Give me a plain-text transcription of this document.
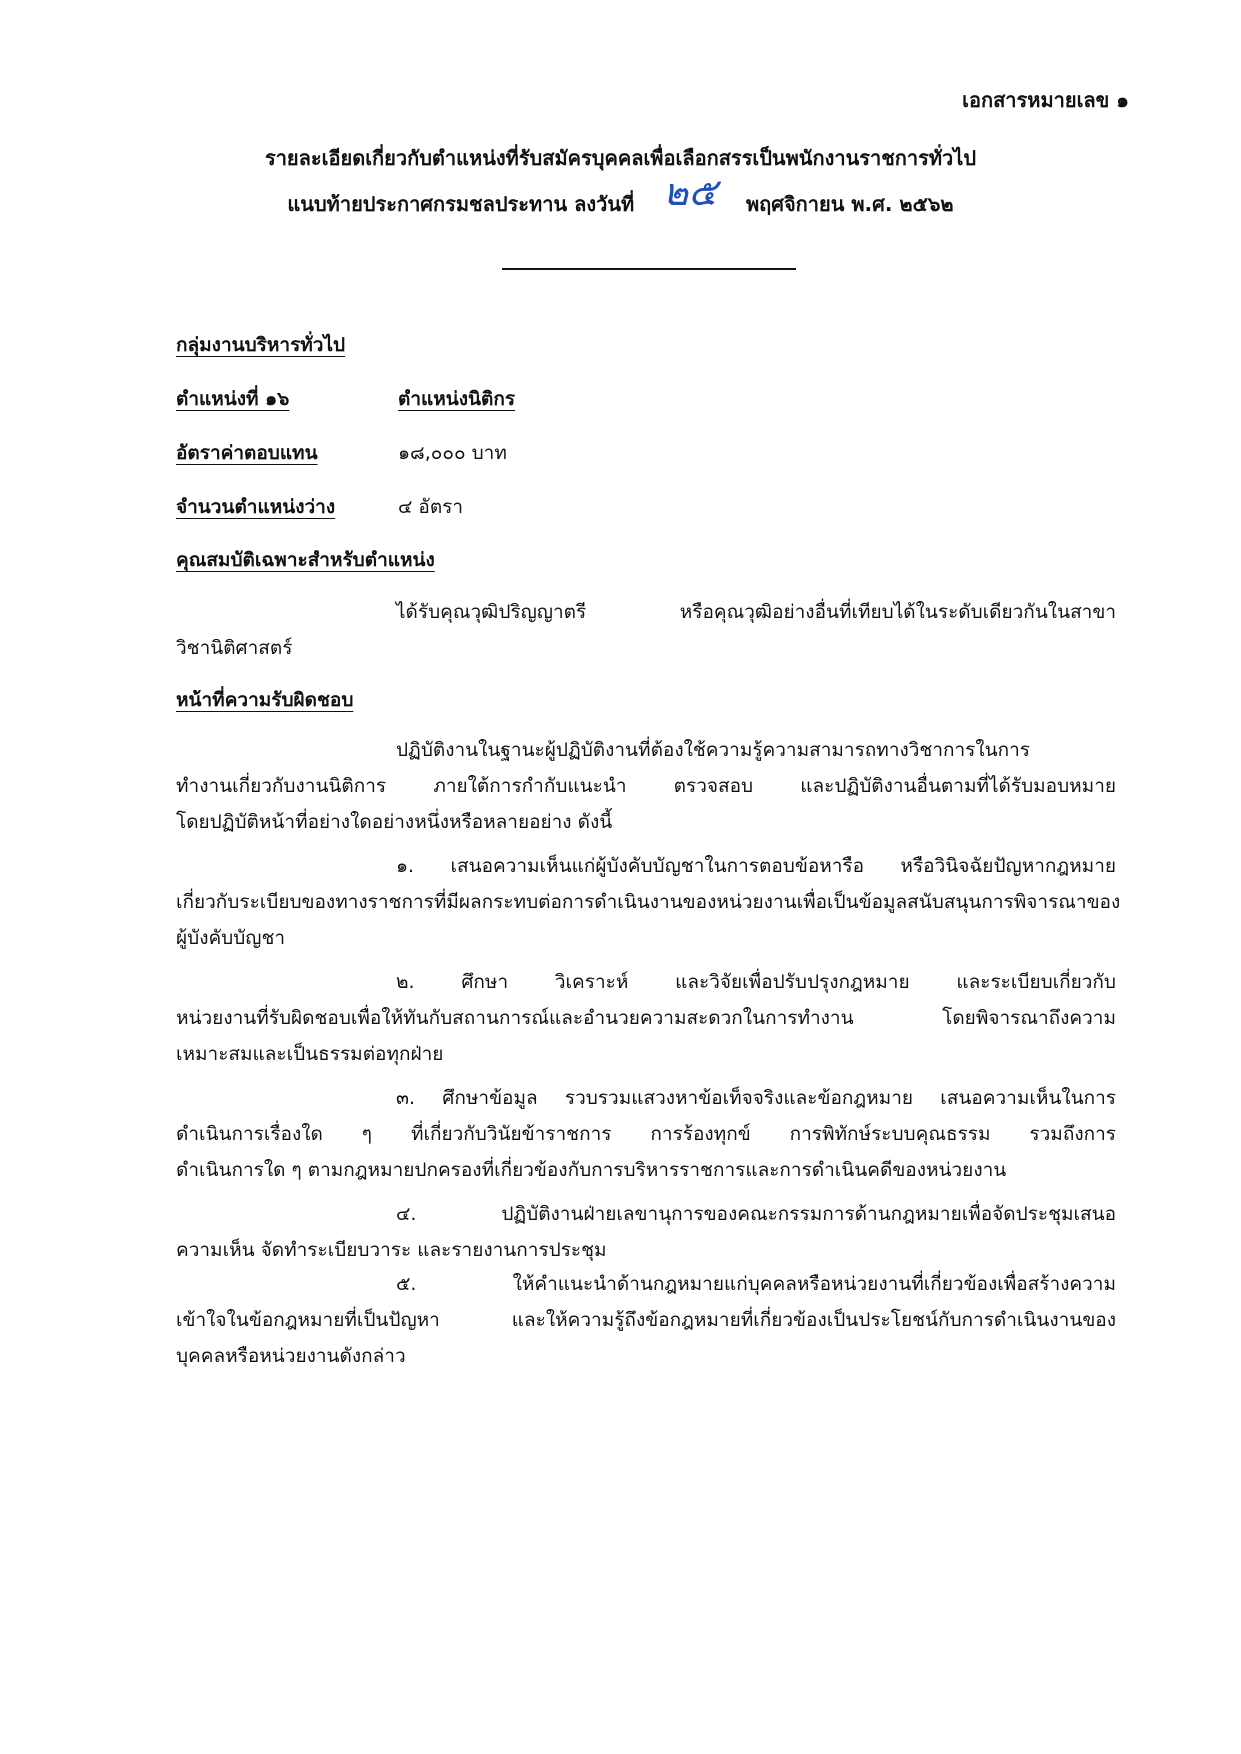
เอกสารหมายเลข ๑
รายละเอียดเกี่ยวกับตำแหน่งที่รับสมัครบุคคลเพื่อเลือกสรรเป็นพนักงานราชการทั่วไป
แนบท้ายประกาศกรมชลประทาน ลงวันที่ ๒๕ พฤศจิกายน พ.ศ. ๒๕๖๒
กลุ่มงานบริหารทั่วไป
ตำแหน่งที่ ๑๖	ตำแหน่งนิติกร
อัตราค่าตอบแทน	๑๘,๐๐๐ บาท
จำนวนตำแหน่งว่าง	๔ อัตรา
คุณสมบัติเฉพาะสำหรับตำแหน่ง
ได้รับคุณวุฒิปริญญาตรี หรือคุณวุฒิอย่างอื่นที่เทียบได้ในระดับเดียวกันในสาขา
วิชานิติศาสตร์
หน้าที่ความรับผิดชอบ
ปฏิบัติงานในฐานะผู้ปฏิบัติงานที่ต้องใช้ความรู้ความสามารถทางวิชาการในการ
ทำงานเกี่ยวกับงานนิติการ ภายใต้การกำกับแนะนำ ตรวจสอบ และปฏิบัติงานอื่นตามที่ได้รับมอบหมาย
โดยปฏิบัติหน้าที่อย่างใดอย่างหนึ่งหรือหลายอย่าง ดังนี้
๑. เสนอความเห็นแก่ผู้บังคับบัญชาในการตอบข้อหารือ หรือวินิจฉัยปัญหากฎหมาย
เกี่ยวกับระเบียบของทางราชการที่มีผลกระทบต่อการดำเนินงานของหน่วยงานเพื่อเป็นข้อมูลสนับสนุนการพิจารณาของ
ผู้บังคับบัญชา
๒. ศึกษา วิเคราะห์ และวิจัยเพื่อปรับปรุงกฎหมาย และระเบียบเกี่ยวกับ
หน่วยงานที่รับผิดชอบเพื่อให้ทันกับสถานการณ์และอำนวยความสะดวกในการทำงาน โดยพิจารณาถึงความ
เหมาะสมและเป็นธรรมต่อทุกฝ่าย
๓. ศึกษาข้อมูล รวบรวมแสวงหาข้อเท็จจริงและข้อกฎหมาย เสนอความเห็นในการ
ดำเนินการเรื่องใด ๆ ที่เกี่ยวกับวินัยข้าราชการ การร้องทุกข์ การพิทักษ์ระบบคุณธรรม รวมถึงการ
ดำเนินการใด ๆ ตามกฎหมายปกครองที่เกี่ยวข้องกับการบริหารราชการและการดำเนินคดีของหน่วยงาน
๔. ปฏิบัติงานฝ่ายเลขานุการของคณะกรรมการด้านกฎหมายเพื่อจัดประชุมเสนอ
ความเห็น จัดทำระเบียบวาระ และรายงานการประชุม
๕. ให้คำแนะนำด้านกฎหมายแก่บุคคลหรือหน่วยงานที่เกี่ยวข้องเพื่อสร้างความ
เข้าใจในข้อกฎหมายที่เป็นปัญหา และให้ความรู้ถึงข้อกฎหมายที่เกี่ยวข้องเป็นประโยชน์กับการดำเนินงานของ
บุคคลหรือหน่วยงานดังกล่าว
